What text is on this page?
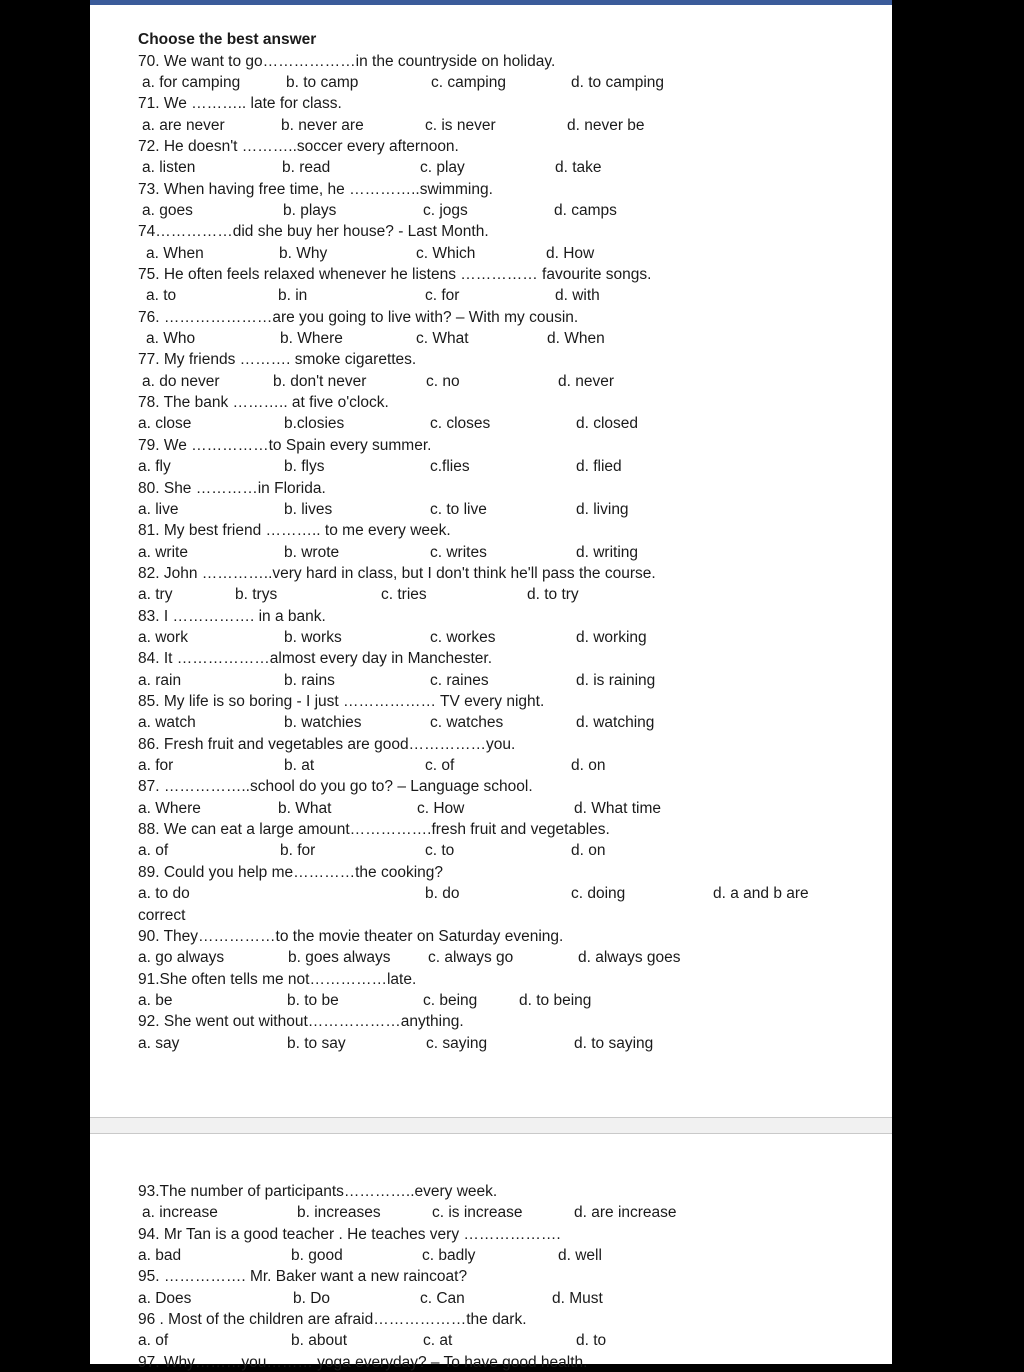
Choose the best answer
70. We want to go………………in the countryside on holiday.
a. for camping	b. to camp	c. camping	d. to camping
71. We ……….. late for class.
a. are never	b. never are	c. is never	d. never be
72. He doesn't ………..soccer every afternoon.
a. listen	b. read	c. play	d. take
73. When having free time, he …………..swimming.
a. goes	b. plays	c. jogs	d. camps
74……………did she buy her house? - Last Month.
a. When	b. Why	c. Which	d. How
75. He often feels relaxed whenever he listens …………… favourite songs.
a. to	b. in	c. for	d. with
76. …………………are you going to live with? – With my cousin.
a. Who	b. Where	c. What	d. When
77. My friends ………. smoke cigarettes.
a. do never	b. don't never	c. no	d. never
78. The bank ……….. at five o'clock.
a. close	b.closies	c. closes	d. closed
79. We ……………to Spain every summer.
a. fly	b. flys	c.flies	d. flied
80. She …………in Florida.
a. live	b. lives	c. to live	d. living
81. My best friend ……….. to me every week.
a. write	b. wrote	c. writes	d. writing
82. John …………..very hard in class, but I don't think he'll pass the course.
a. try	b. trys	c. tries	d. to try
83. I ……………. in a bank.
a. work	b. works	c. workes	d. working
84. It ………………almost every day in Manchester.
a. rain	b. rains	c. raines	d. is raining
85. My life is so boring - I just ……………… TV every night.
a. watch	b. watchies	c. watches	d. watching
86. Fresh fruit and vegetables are good……………you.
a. for	b. at	c. of	d. on
87. ……………..school do you go to? – Language school.
a. Where	b. What	c. How	d. What time
88. We can eat a large amount…………….fresh fruit and vegetables.
a. of	b. for	c. to	d. on
89. Could you help me…………the cooking?
a. to do	b. do	c. doing	d. a and b are
correct
90. They……………to the movie theater on Saturday evening.
a. go always	b. goes always c. always go	d. always goes
91.She often tells me not……………late.
a. be	b. to be	c. being	d. to being
92. She went out without………………anything.
a. say	b. to say	c. saying	d. to saying
93.The number of participants…………..every week.
a. increase	b. increases	c. is increase	d. are increase
94. Mr Tan is a good teacher . He teaches very ……………….
a. bad	b. good	c. badly	d. well
95. ……………. Mr. Baker want a new raincoat?
a. Does	b. Do	c. Can	d. Must
96 . Most of the children are afraid………………the dark.
a. of	b. about	c. at	d. to
97. Why………you……… yoga everyday? – To have good health.
